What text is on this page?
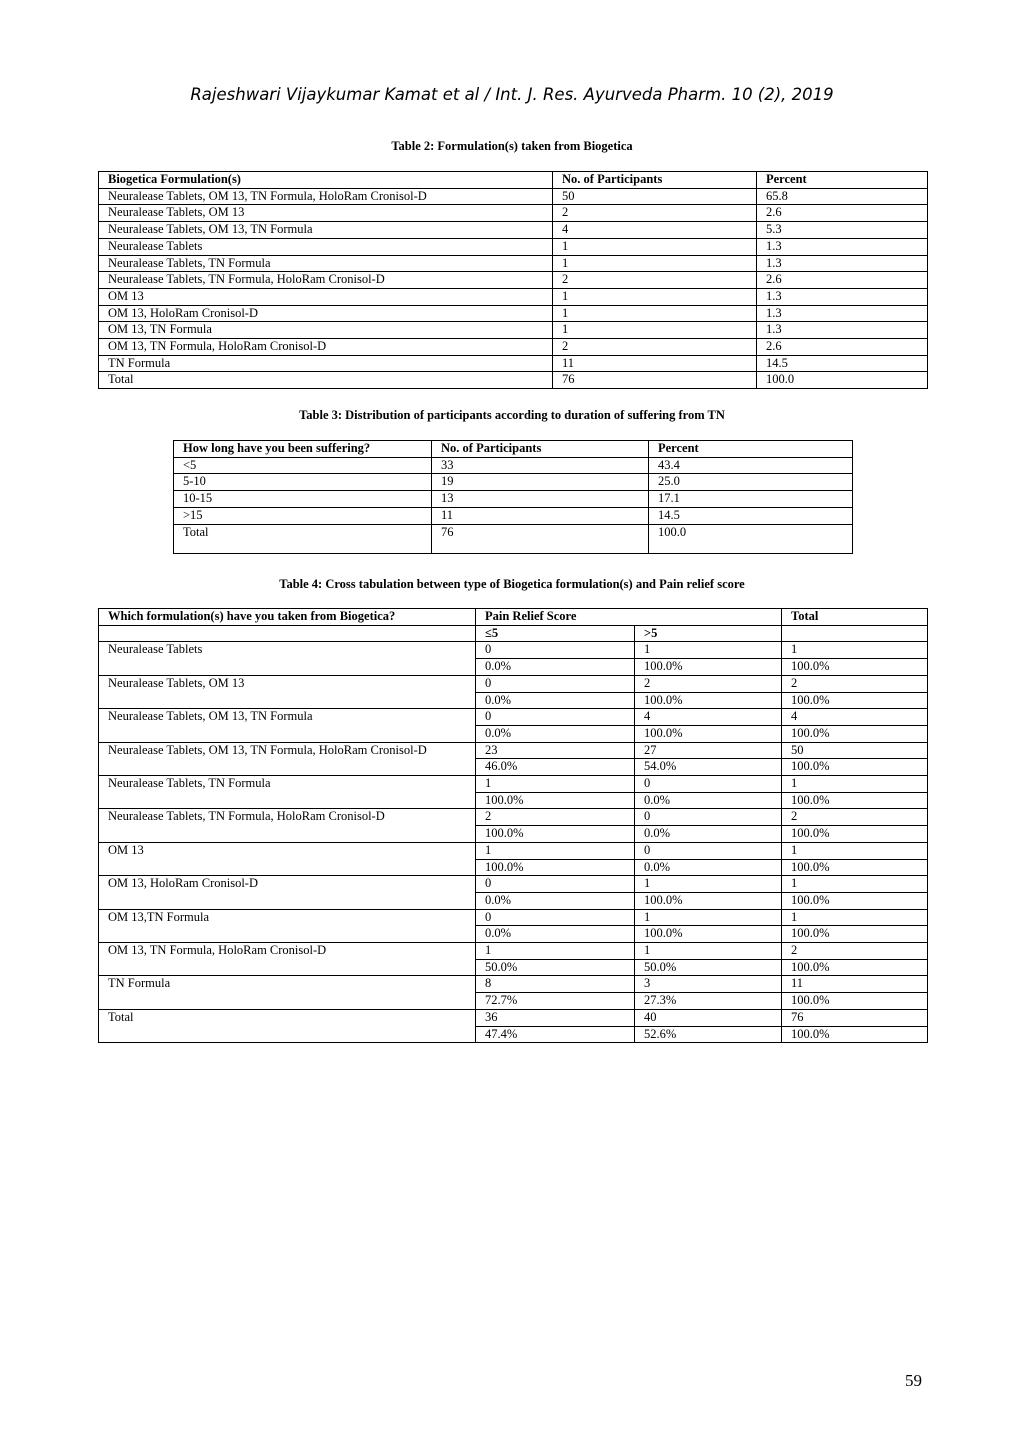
Rajeshwari Vijaykumar Kamat et al / Int. J. Res. Ayurveda Pharm. 10 (2), 2019
Table 2: Formulation(s) taken from Biogetica
Biogetica Formulation(s)	No. of Participants	Percent
Neuralease Tablets, OM 13, TN Formula, HoloRam Cronisol-D	50	65.8
Neuralease Tablets, OM 13	2	2.6
Neuralease Tablets, OM 13, TN Formula	4	5.3
Neuralease Tablets	1	1.3
Neuralease Tablets, TN Formula	1	1.3
Neuralease Tablets, TN Formula, HoloRam Cronisol-D	2	2.6
OM 13	1	1.3
OM 13, HoloRam Cronisol-D	1	1.3
OM 13, TN Formula	1	1.3
OM 13, TN Formula, HoloRam Cronisol-D	2	2.6
TN Formula	11	14.5
Total	76	100.0
Table 3: Distribution of participants according to duration of suffering from TN
How long have you been suffering?	No. of Participants	Percent
<5	33	43.4
5-10	19	25.0
10-15	13	17.1
>15	11	14.5
Total	76	100.0
Table 4: Cross tabulation between type of Biogetica formulation(s) and Pain relief score
Which formulation(s) have you taken from Biogetica?	Pain Relief Score		Total
	≤5	>5	
Neuralease Tablets	0	1	1
	0.0%	100.0%	100.0%
Neuralease Tablets, OM 13	0	2	2
	0.0%	100.0%	100.0%
Neuralease Tablets, OM 13, TN Formula	0	4	4
	0.0%	100.0%	100.0%
Neuralease Tablets, OM 13, TN Formula, HoloRam Cronisol-D	23	27	50
	46.0%	54.0%	100.0%
Neuralease Tablets, TN Formula	1	0	1
	100.0%	0.0%	100.0%
Neuralease Tablets, TN Formula, HoloRam Cronisol-D	2	0	2
	100.0%	0.0%	100.0%
OM 13	1	0	1
	100.0%	0.0%	100.0%
OM 13, HoloRam Cronisol-D	0	1	1
	0.0%	100.0%	100.0%
OM 13,TN Formula	0	1	1
	0.0%	100.0%	100.0%
OM 13, TN Formula, HoloRam Cronisol-D	1	1	2
	50.0%	50.0%	100.0%
TN Formula	8	3	11
	72.7%	27.3%	100.0%
Total	36	40	76
	47.4%	52.6%	100.0%
59
